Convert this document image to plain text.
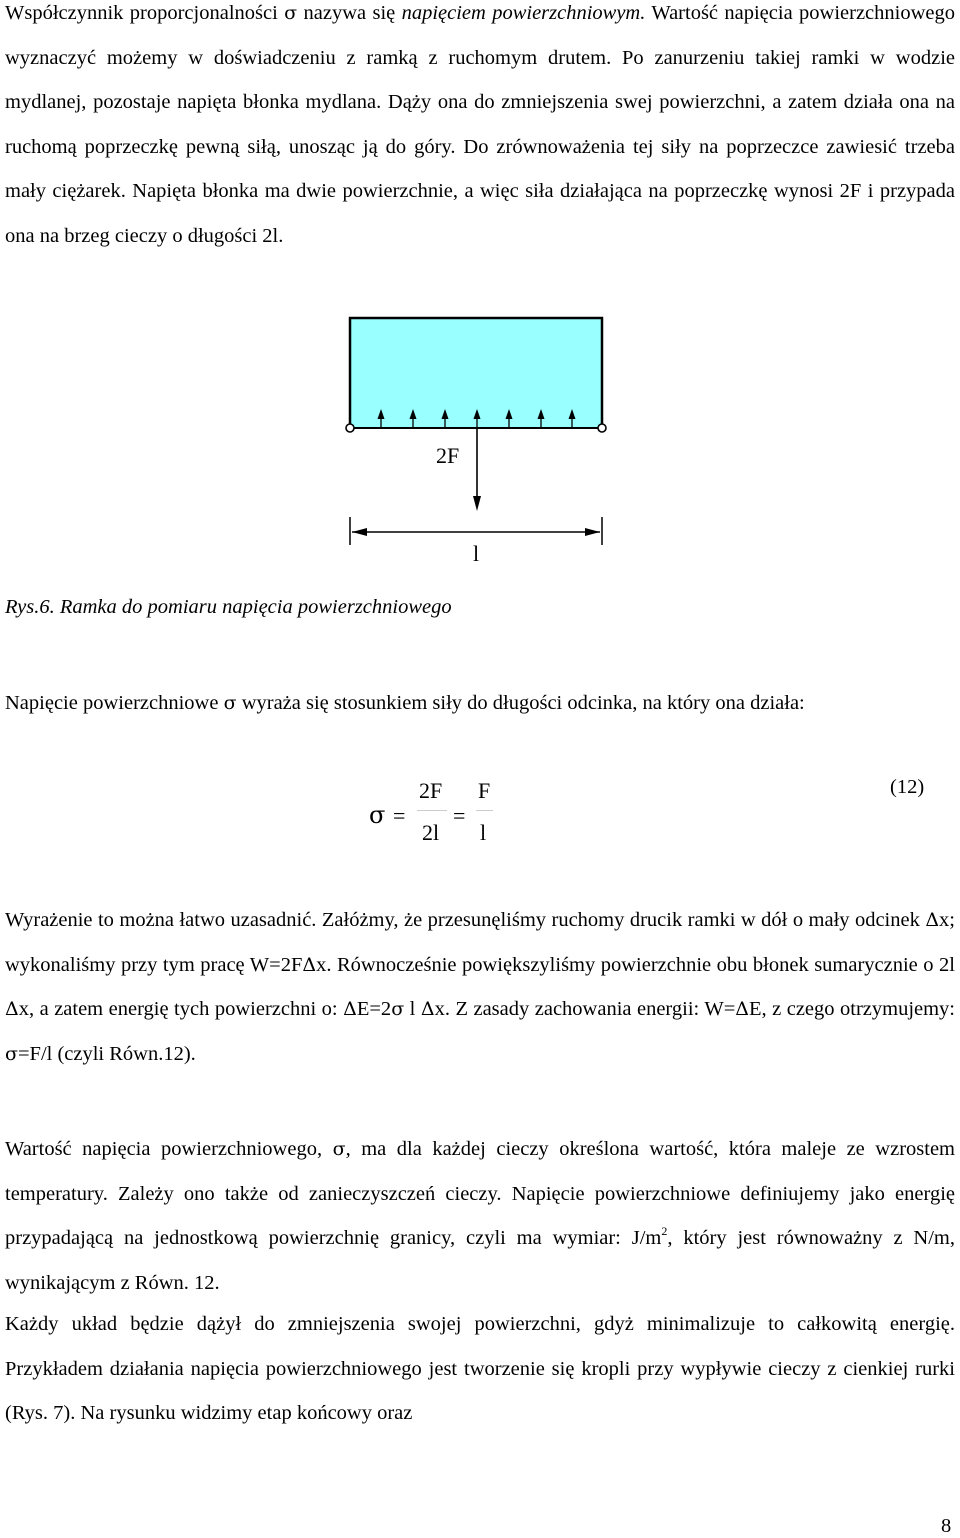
Współczynnik proporcjonalności σ nazywa się napięciem powierzchniowym. Wartość napięcia powierzchniowego wyznaczyć możemy w doświadczeniu z ramką z ruchomym drutem. Po zanurzeniu takiej ramki w wodzie mydlanej, pozostaje napięta błonka mydlana. Dąży ona do zmniejszenia swej powierzchni, a zatem działa ona na ruchomą poprzeczkę pewną siłą, unosząc ją do góry. Do zrównoważenia tej siły na poprzeczce zawiesić trzeba mały ciężarek. Napięta błonka ma dwie powierzchnie, a więc siła działająca na poprzeczkę wynosi 2F i przypada ona na brzeg cieczy o długości 2l.

2F
l

Rys.6. Ramka do pomiaru napięcia powierzchniowego

Napięcie powierzchniowe σ wyraża się stosunkiem siły do długości odcinka, na który ona działa:

σ =
2F
2l
=
F
l
(12)

Wyrażenie to można łatwo uzasadnić. Załóżmy, że przesunęliśmy ruchomy drucik ramki w dół o mały odcinek Δx; wykonaliśmy przy tym pracę W=2FΔx. Równocześnie powiększyliśmy powierzchnie obu błonek sumarycznie o 2l Δx, a zatem energię tych powierzchni o: ΔE=2σ l Δx. Z zasady zachowania energii: W=ΔE, z czego otrzymujemy: σ=F/l (czyli Równ.12).

Wartość napięcia powierzchniowego, σ, ma dla każdej cieczy określona wartość, która maleje ze wzrostem temperatury. Zależy ono także od zanieczyszczeń cieczy. Napięcie powierzchniowe definiujemy jako energię przypadającą na jednostkową powierzchnię granicy, czyli ma wymiar: $J/m^2$, który jest równoważny z N/m, wynikającym z Równ. 12.

Każdy układ będzie dążył do zmniejszenia swojej powierzchni, gdyż minimalizuje to całkowitą energię. Przykładem działania napięcia powierzchniowego jest tworzenie się kropli przy wypływie cieczy z cienkiej rurki (Rys. 7). Na rysunku widzimy etap końcowy oraz

8
